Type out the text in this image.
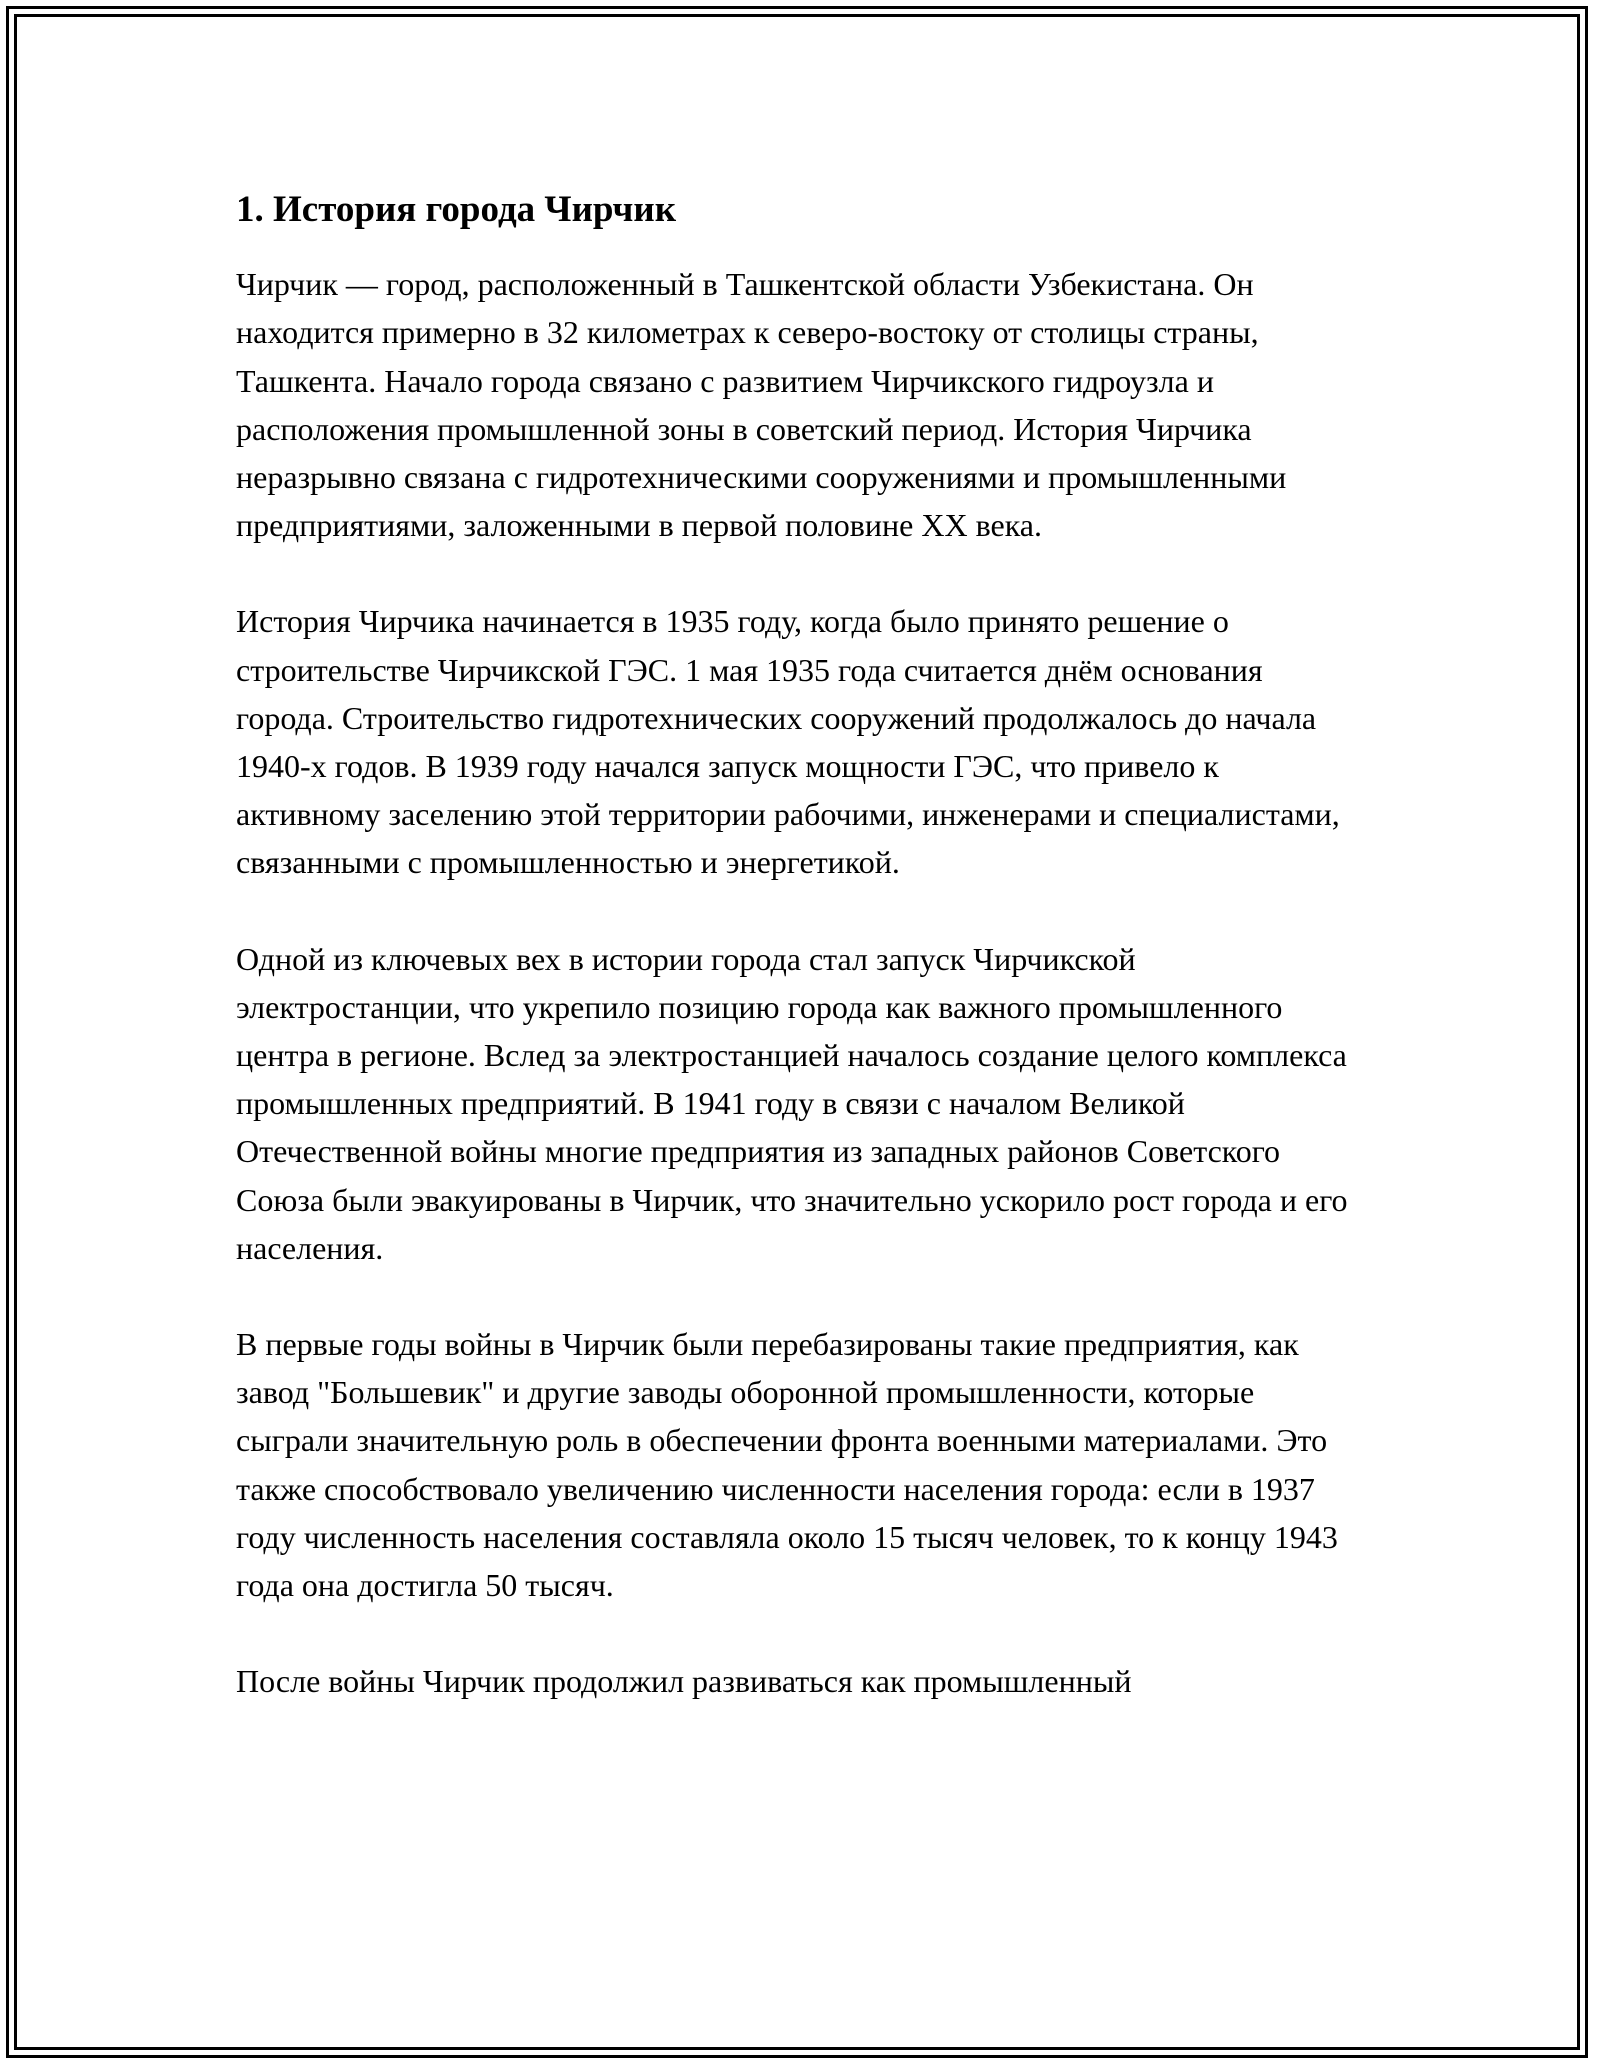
1. История города Чирчик

Чирчик — город, расположенный в Ташкентской области Узбекистана. Он находится примерно в 32 километрах к северо-востоку от столицы страны, Ташкента. Начало города связано с развитием Чирчикского гидроузла и расположения промышленной зоны в советский период. История Чирчика неразрывно связана с гидротехническими сооружениями и промышленными предприятиями, заложенными в первой половине XX века.

История Чирчика начинается в 1935 году, когда было принято решение о строительстве Чирчикской ГЭС. 1 мая 1935 года считается днём основания города. Строительство гидротехнических сооружений продолжалось до начала 1940-х годов. В 1939 году начался запуск мощности ГЭС, что привело к активному заселению этой территории рабочими, инженерами и специалистами, связанными с промышленностью и энергетикой.

Одной из ключевых вех в истории города стал запуск Чирчикской электростанции, что укрепило позицию города как важного промышленного центра в регионе. Вслед за электростанцией началось создание целого комплекса промышленных предприятий. В 1941 году в связи с началом Великой Отечественной войны многие предприятия из западных районов Советского Союза были эвакуированы в Чирчик, что значительно ускорило рост города и его населения.

В первые годы войны в Чирчик были перебазированы такие предприятия, как завод "Большевик" и другие заводы оборонной промышленности, которые сыграли значительную роль в обеспечении фронта военными материалами. Это также способствовало увеличению численности населения города: если в 1937 году численность населения составляла около 15 тысяч человек, то к концу 1943 года она достигла 50 тысяч.

После войны Чирчик продолжил развиваться как промышленный
